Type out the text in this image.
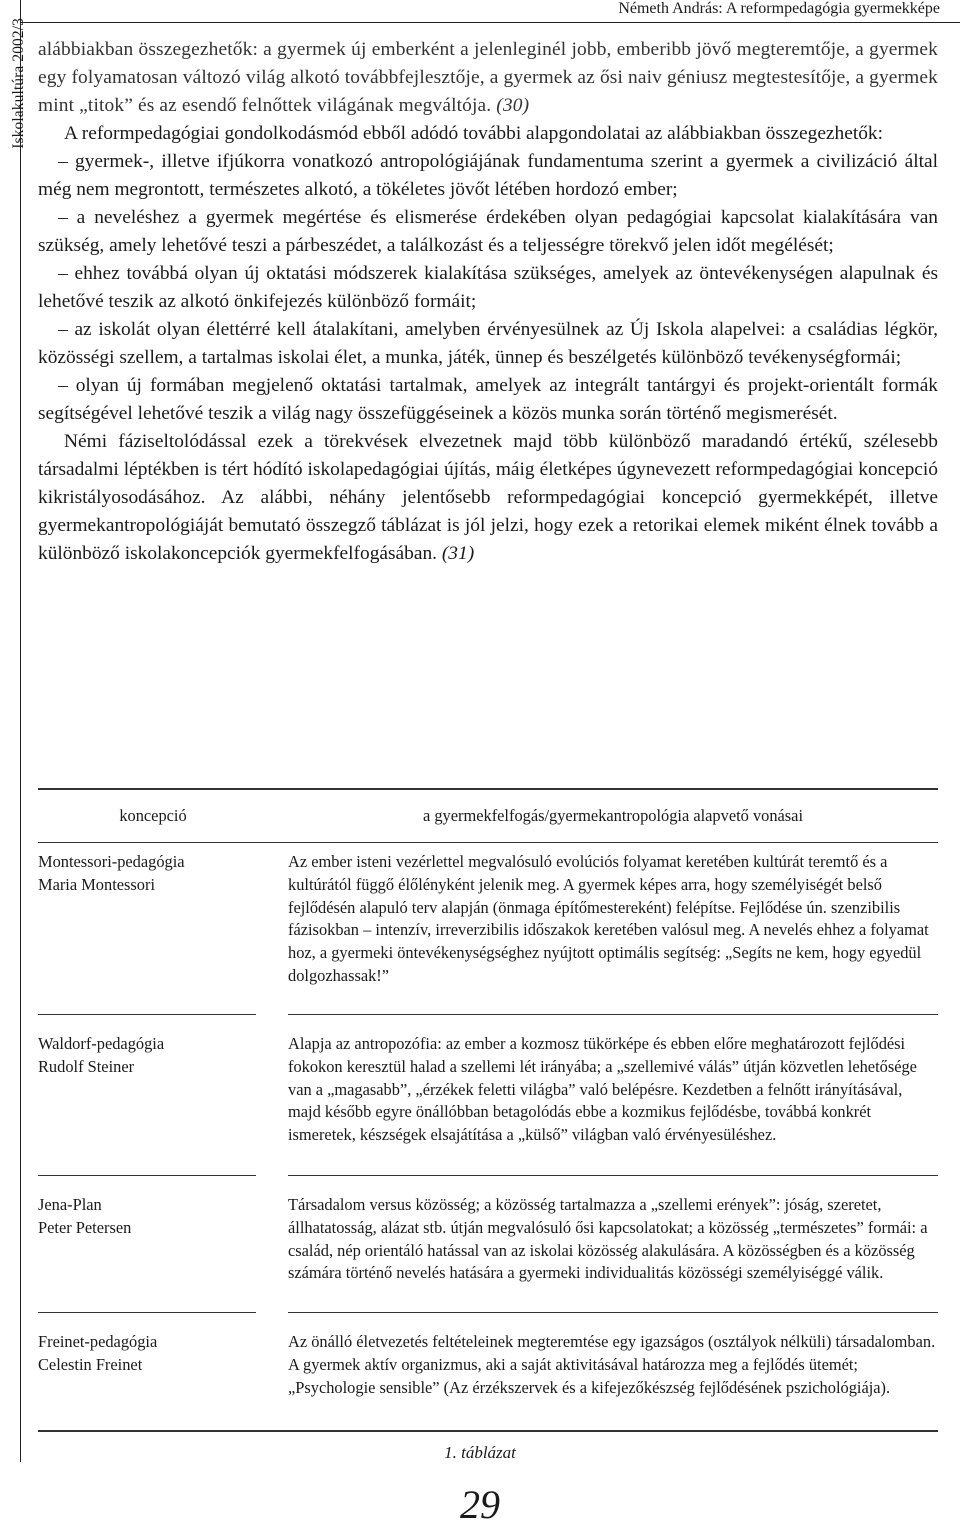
Iskolakultúra 2002/3
Németh András: A reformpedagógia gyermekképe

alábbiakban összegezhetők: a gyermek új emberként a jelenleginél jobb, emberibb jövő megteremtője, a gyermek egy folyamatosan változó világ alkotó továbbfejlesztője, a gyermek az ősi naiv géniusz megtestesítője, a gyermek mint „titok” és az esendő felnőttek világának megváltója. (30)

A reformpedagógiai gondolkodásmód ebből adódó további alapgondolatai az alábbiakban összegezhetők:

– gyermek-, illetve ifjúkorra vonatkozó antropológiájának fundamentuma szerint a gyermek a civilizáció által még nem megrontott, természetes alkotó, a tökéletes jövőt létében hordozó ember;

– a neveléshez a gyermek megértése és elismerése érdekében olyan pedagógiai kapcsolat kialakítására van szükség, amely lehetővé teszi a párbeszédet, a találkozást és a teljességre törekvő jelen időt megélését;

– ehhez továbbá olyan új oktatási módszerek kialakítása szükséges, amelyek az öntevékenységen alapulnak és lehetővé teszik az alkotó önkifejezés különböző formáit;

– az iskolát olyan élettérré kell átalakítani, amelyben érvényesülnek az Új Iskola alapelvei: a családias légkör, közösségi szellem, a tartalmas iskolai élet, a munka, játék, ünnep és beszélgetés különböző tevékenységformái;

– olyan új formában megjelenő oktatási tartalmak, amelyek az integrált tantárgyi és projekt-orientált formák segítségével lehetővé teszik a világ nagy összefüggéseinek a közös munka során történő megismerését.

Némi fáziseltolódással ezek a törekvések elvezetnek majd több különböző maradandó értékű, szélesebb társadalmi léptékben is tért hódító iskolapedagógiai újítás, máig életképes úgynevezett reformpedagógiai koncepció kikristályosodásához. Az alábbi, néhány jelentősebb reformpedagógiai koncepció gyermekképét, illetve gyermekantropológiáját bemutató összegző táblázat is jól jelzi, hogy ezek a retorikai elemek miként élnek tovább a különböző iskolakoncepciók gyermekfelfogásában. (31)

koncepció	a gyermekfelfogás/gyermekantropológia alapvető vonásai
Montessori-pedagógia
Maria Montessori
Az ember isteni vezérlettel megvalósuló evolúciós folyamat keretében kultúrát teremtő és a kultúrától függő élőlényként jelenik meg. A gyermek képes arra, hogy személyiségét belső fejlődésén alapuló terv alapján (önmaga építőmestereként) felépítse. Fejlődése ún. szenzibilis fázisokban – intenzív, irreverzibilis időszakok keretében valósul meg. A nevelés ehhez a folyamat hoz, a gyermeki öntevékenységséghez nyújtott optimális segítség: „Segíts ne kem, hogy egyedül dolgozhassak!”
Waldorf-pedagógia
Rudolf Steiner
Alapja az antropozófia: az ember a kozmosz tükörképe és ebben előre meghatározott fejlődési fokokon keresztül halad a szellemi lét irányába; a „szellemivé válás” útján közvetlen lehetősége van a „magasabb”, „érzékek feletti világba” való belépésre. Kezdetben a felnőtt irányításával, majd később egyre önállóbban betagolódás ebbe a kozmikus fejlődésbe, továbbá konkrét ismeretek, készségek elsajátítása a „külső” világban való érvényesüléshez.
Jena-Plan
Peter Petersen
Társadalom versus közösség; a közösség tartalmazza a „szellemi erények”: jóság, szeretet, állhatatosság, alázat stb. útján megvalósuló ősi kapcsolatokat; a közösség „természetes” formái: a család, nép orientáló hatással van az iskolai közösség alakulására. A közösségben és a közösség számára történő nevelés hatására a gyermeki individualitás közösségi személyiséggé válik.
Freinet-pedagógia
Celestin Freinet
Az önálló életvezetés feltételeinek megteremtése egy igazságos (osztályok nélküli) társadalomban. A gyermek aktív organizmus, aki a saját aktivitásával határozza meg a fejlődés ütemét; „Psychologie sensible” (Az érzékszervek és a kifejezőkészség fejlődésének pszichológiája).
1. táblázat
29
